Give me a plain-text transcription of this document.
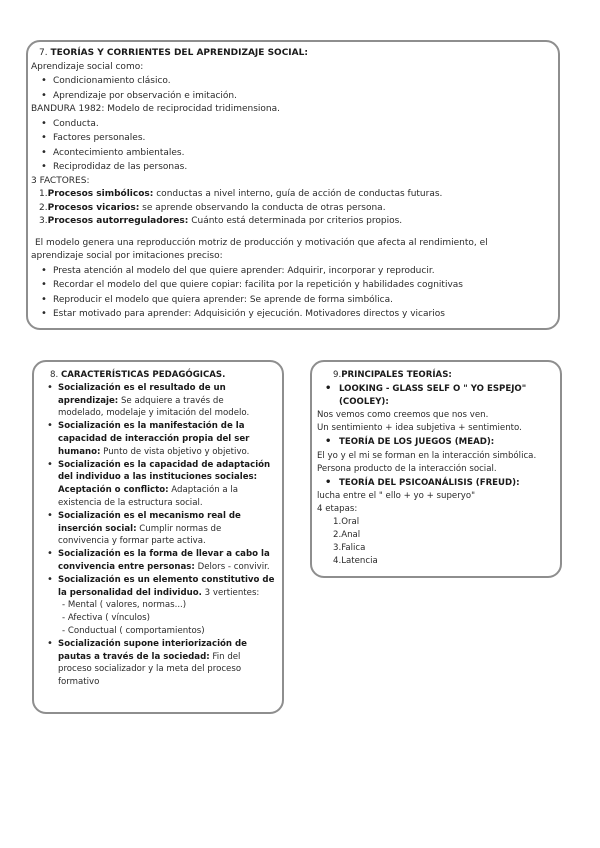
7. TEORÍAS Y CORRIENTES DEL APRENDIZAJE SOCIAL:
Aprendizaje social como:
• Condicionamiento clásico.
• Aprendizaje por observación e imitación.
BANDURA 1982: Modelo de reciprocidad tridimensiona.
• Conducta.
• Factores personales.
• Acontecimiento ambientales.
• Reciprodidaz de las personas.
3 FACTORES:
1.Procesos simbólicos: conductas a nivel interno, guía de acción de conductas futuras.
2.Procesos vicarios: se aprende observando la conducta de otras persona.
3.Procesos autorreguladores: Cuánto está determinada por criterios propios.
El modelo genera una reproducción motriz de producción y motivación que afecta al rendimiento, el
aprendizaje social por imitaciones preciso:
• Presta atención al modelo del que quiere aprender: Adquirir, incorporar y reproducir.
• Recordar el modelo del que quiere copiar: facilita por la repetición y habilidades cognitivas
• Reproducir el modelo que quiera aprender: Se aprende de forma simbólica.
• Estar motivado para aprender: Adquisición y ejecución. Motivadores directos y vicarios
8. CARACTERÍSTICAS PEDAGÓGICAS.
• Socialización es el resultado de un
aprendizaje: Se adquiere a través de
modelado, modelaje y imitación del modelo.
• Socialización es la manifestación de la
capacidad de interacción propia del ser
humano: Punto de vista objetivo y objetivo.
• Socialización es la capacidad de adaptación
del individuo a las instituciones sociales:
Aceptación o conflicto: Adaptación a la
existencia de la estructura social.
• Socialización es el mecanismo real de
inserción social: Cumplir normas de
convivencia y formar parte activa.
• Socialización es la forma de llevar a cabo la
convivencia entre personas: Delors - convivir.
• Socialización es un elemento constitutivo de
la personalidad del individuo. 3 vertientes:
- Mental ( valores, normas...)
- Afectiva ( vínculos)
- Conductual ( comportamientos)
• Socialización supone interiorización de
pautas a través de la sociedad: Fin del
proceso socializador y la meta del proceso
formativo
9.PRINCIPALES TEORÍAS:
• LOOKING - GLASS SELF O " YO ESPEJO"
(COOLEY):
Nos vemos como creemos que nos ven.
Un sentimiento + idea subjetiva + sentimiento.
• TEORÍA DE LOS JUEGOS (MEAD):
El yo y el mi se forman en la interacción simbólica.
Persona producto de la interacción social.
• TEORÍA DEL PSICOANÁLISIS (FREUD):
lucha entre el " ello + yo + superyo"
4 etapas:
1.Oral
2.Anal
3.Falica
4.Latencia
